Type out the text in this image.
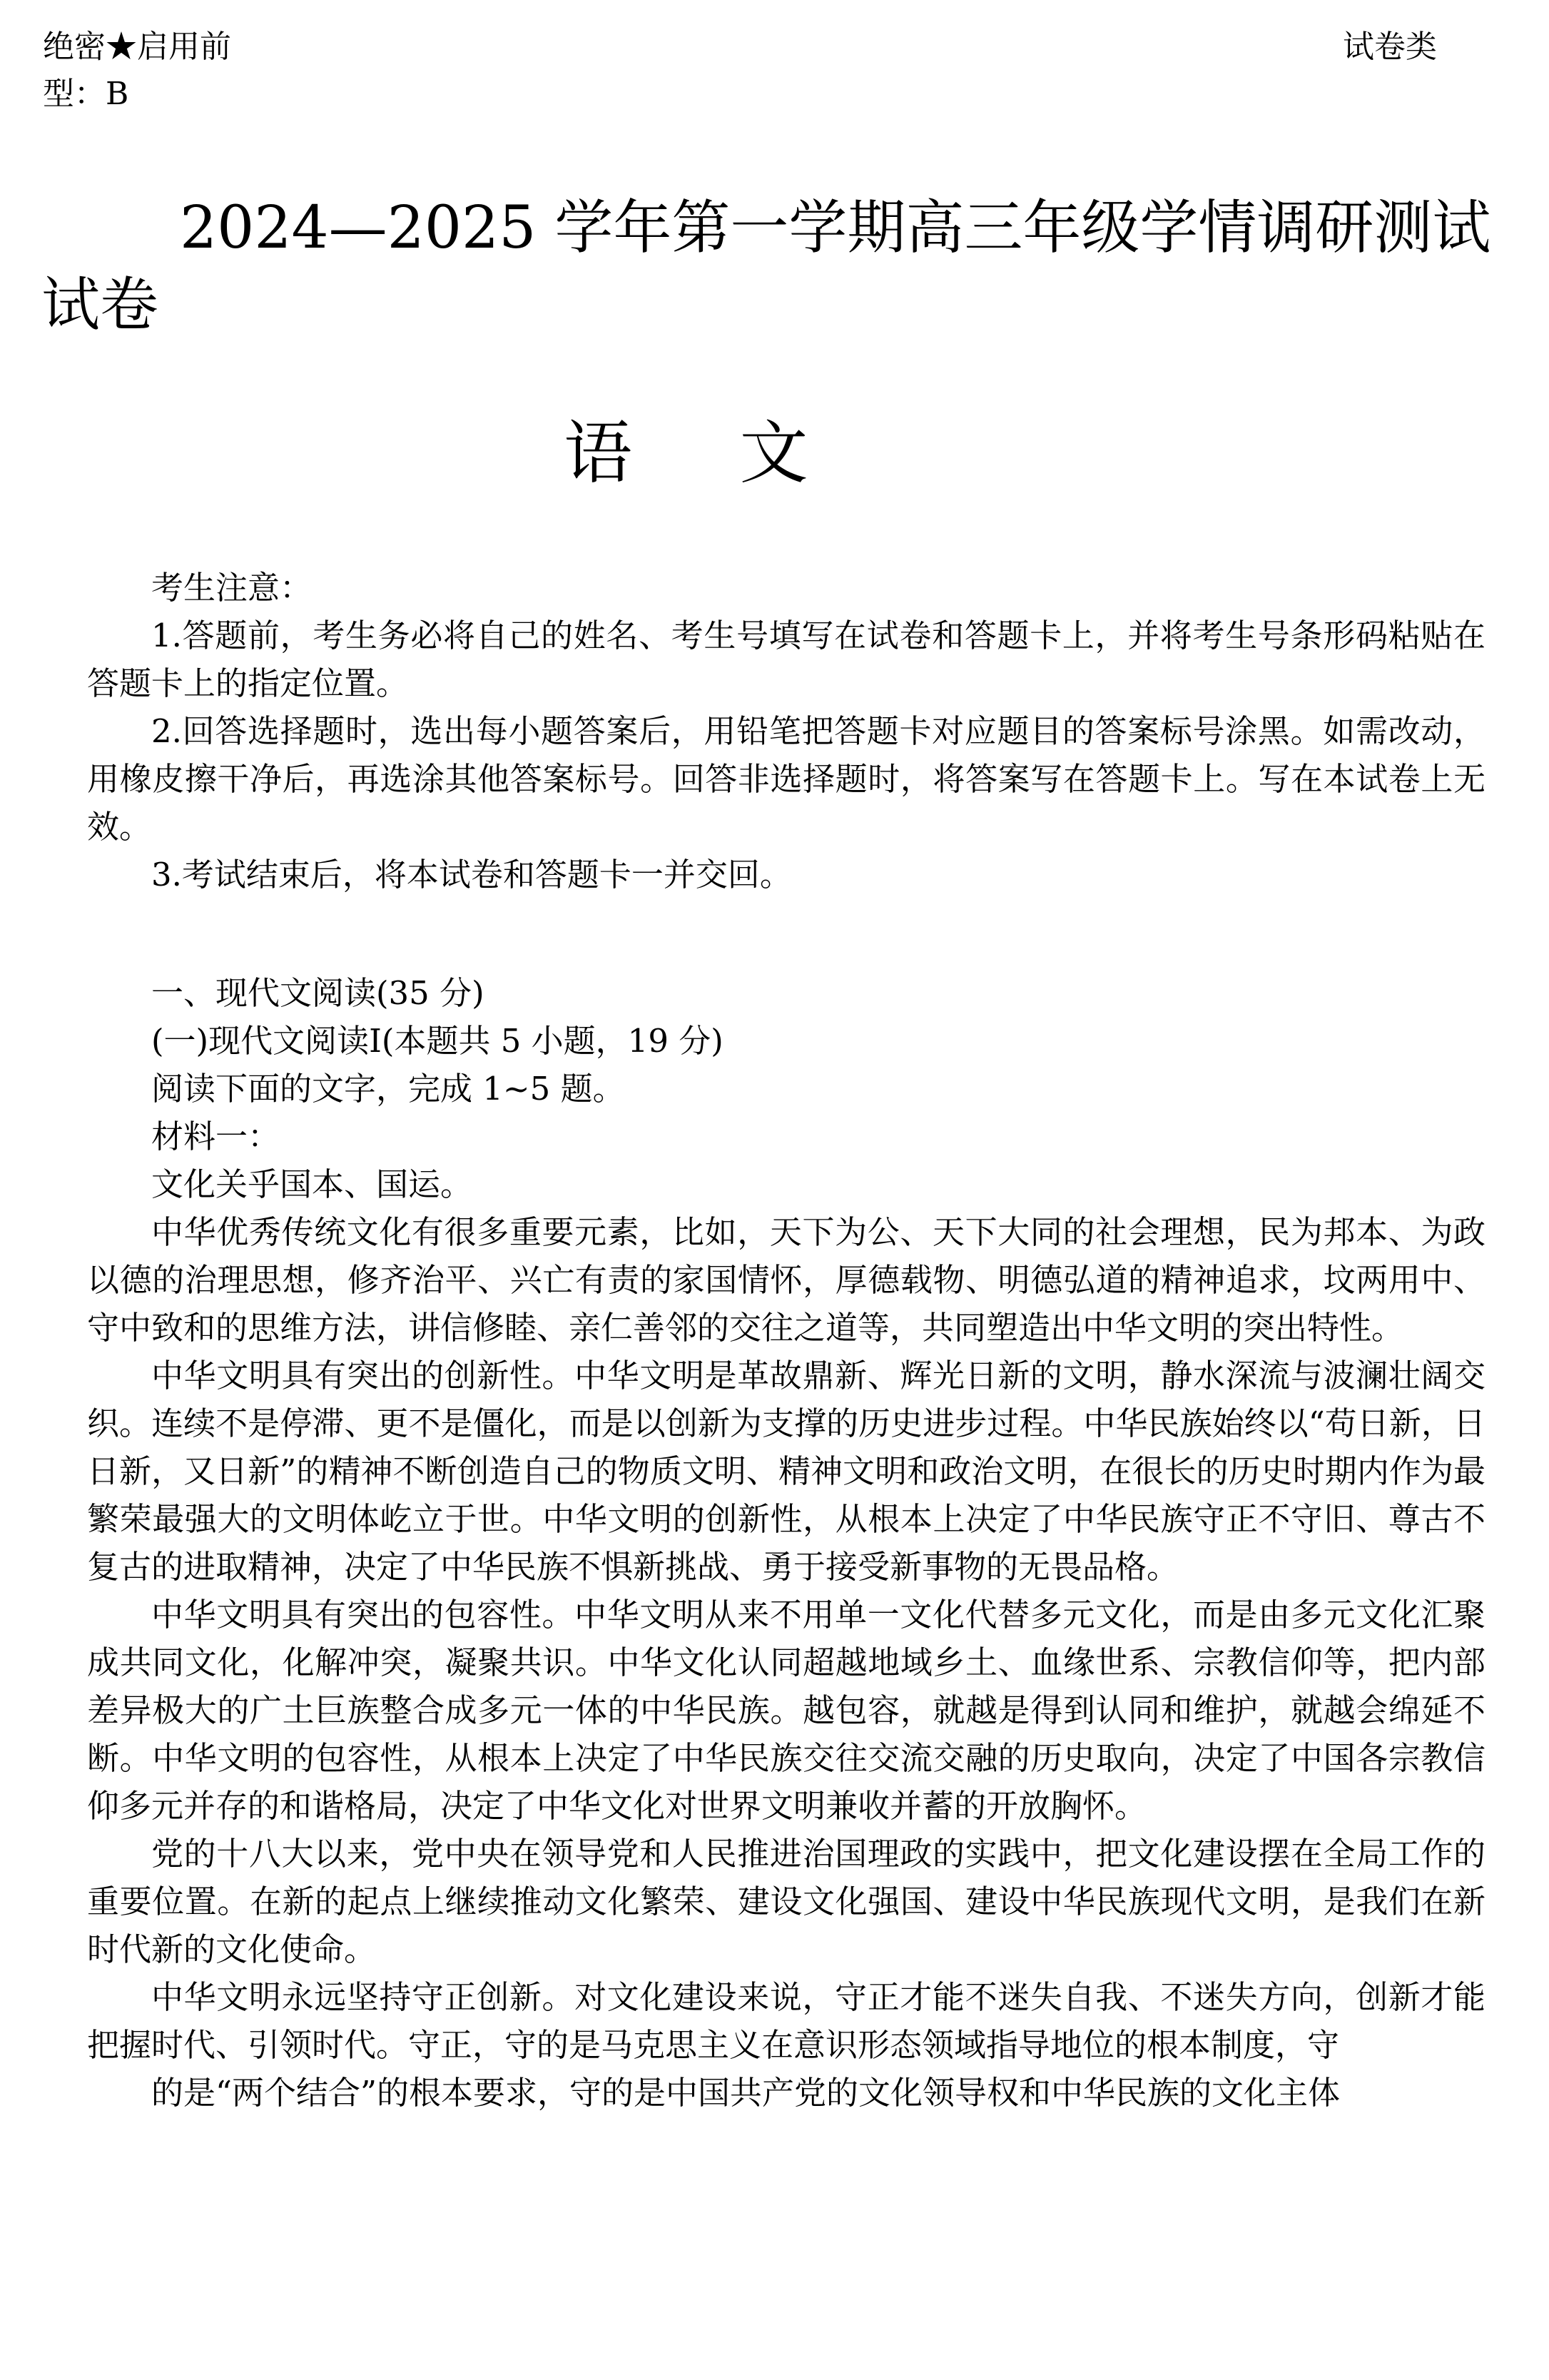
绝密★启用前	试卷类
型：B
2024—2025 学年第一学期高三年级学情调研测试
试卷
语 文

考生注意：

1.答题前，考生务必将自己的姓名、考生号填写在试卷和答题卡上，并将考生号条形码粘贴在答题卡上的指定位置。

2.回答选择题时，选出每小题答案后，用铅笔把答题卡对应题目的答案标号涂黑。如需改动，用橡皮擦干净后，再选涂其他答案标号。回答非选择题时，将答案写在答题卡上。写在本试卷上无效。

3.考试结束后，将本试卷和答题卡一并交回。

一、现代文阅读(35 分)

(一)现代文阅读I(本题共 5 小题，19 分)

阅读下面的文字，完成 1~5 题。

材料一：

文化关乎国本、国运。

中华优秀传统文化有很多重要元素，比如，天下为公、天下大同的社会理想，民为邦本、为政以德的治理思想，修齐治平、兴亡有责的家国情怀，厚德载物、明德弘道的精神追求，坟两用中、守中致和的思维方法，讲信修睦、亲仁善邻的交往之道等，共同塑造出中华文明的突出特性。

中华文明具有突出的创新性。中华文明是革故鼎新、辉光日新的文明，静水深流与波澜壮阔交织。连续不是停滞、更不是僵化，而是以创新为支撑的历史进步过程。中华民族始终以“苟日新，日日新，又日新”的精神不断创造自己的物质文明、精神文明和政治文明，在很长的历史时期内作为最繁荣最强大的文明体屹立于世。中华文明的创新性，从根本上决定了中华民族守正不守旧、尊古不复古的进取精神，决定了中华民族不惧新挑战、勇于接受新事物的无畏品格。

中华文明具有突出的包容性。中华文明从来不用单一文化代替多元文化，而是由多元文化汇聚成共同文化，化解冲突，凝聚共识。中华文化认同超越地域乡土、血缘世系、宗教信仰等，把内部差异极大的广土巨族整合成多元一体的中华民族。越包容，就越是得到认同和维护，就越会绵延不断。中华文明的包容性，从根本上决定了中华民族交往交流交融的历史取向，决定了中国各宗教信仰多元并存的和谐格局，决定了中华文化对世界文明兼收并蓄的开放胸怀。

党的十八大以来，党中央在领导党和人民推进治国理政的实践中，把文化建设摆在全局工作的重要位置。在新的起点上继续推动文化繁荣、建设文化强国、建设中华民族现代文明，是我们在新时代新的文化使命。

中华文明永远坚持守正创新。对文化建设来说，守正才能不迷失自我、不迷失方向，创新才能把握时代、引领时代。守正，守的是马克思主义在意识形态领域指导地位的根本制度，守

的是“两个结合”的根本要求，守的是中国共产党的文化领导权和中华民族的文化主体
